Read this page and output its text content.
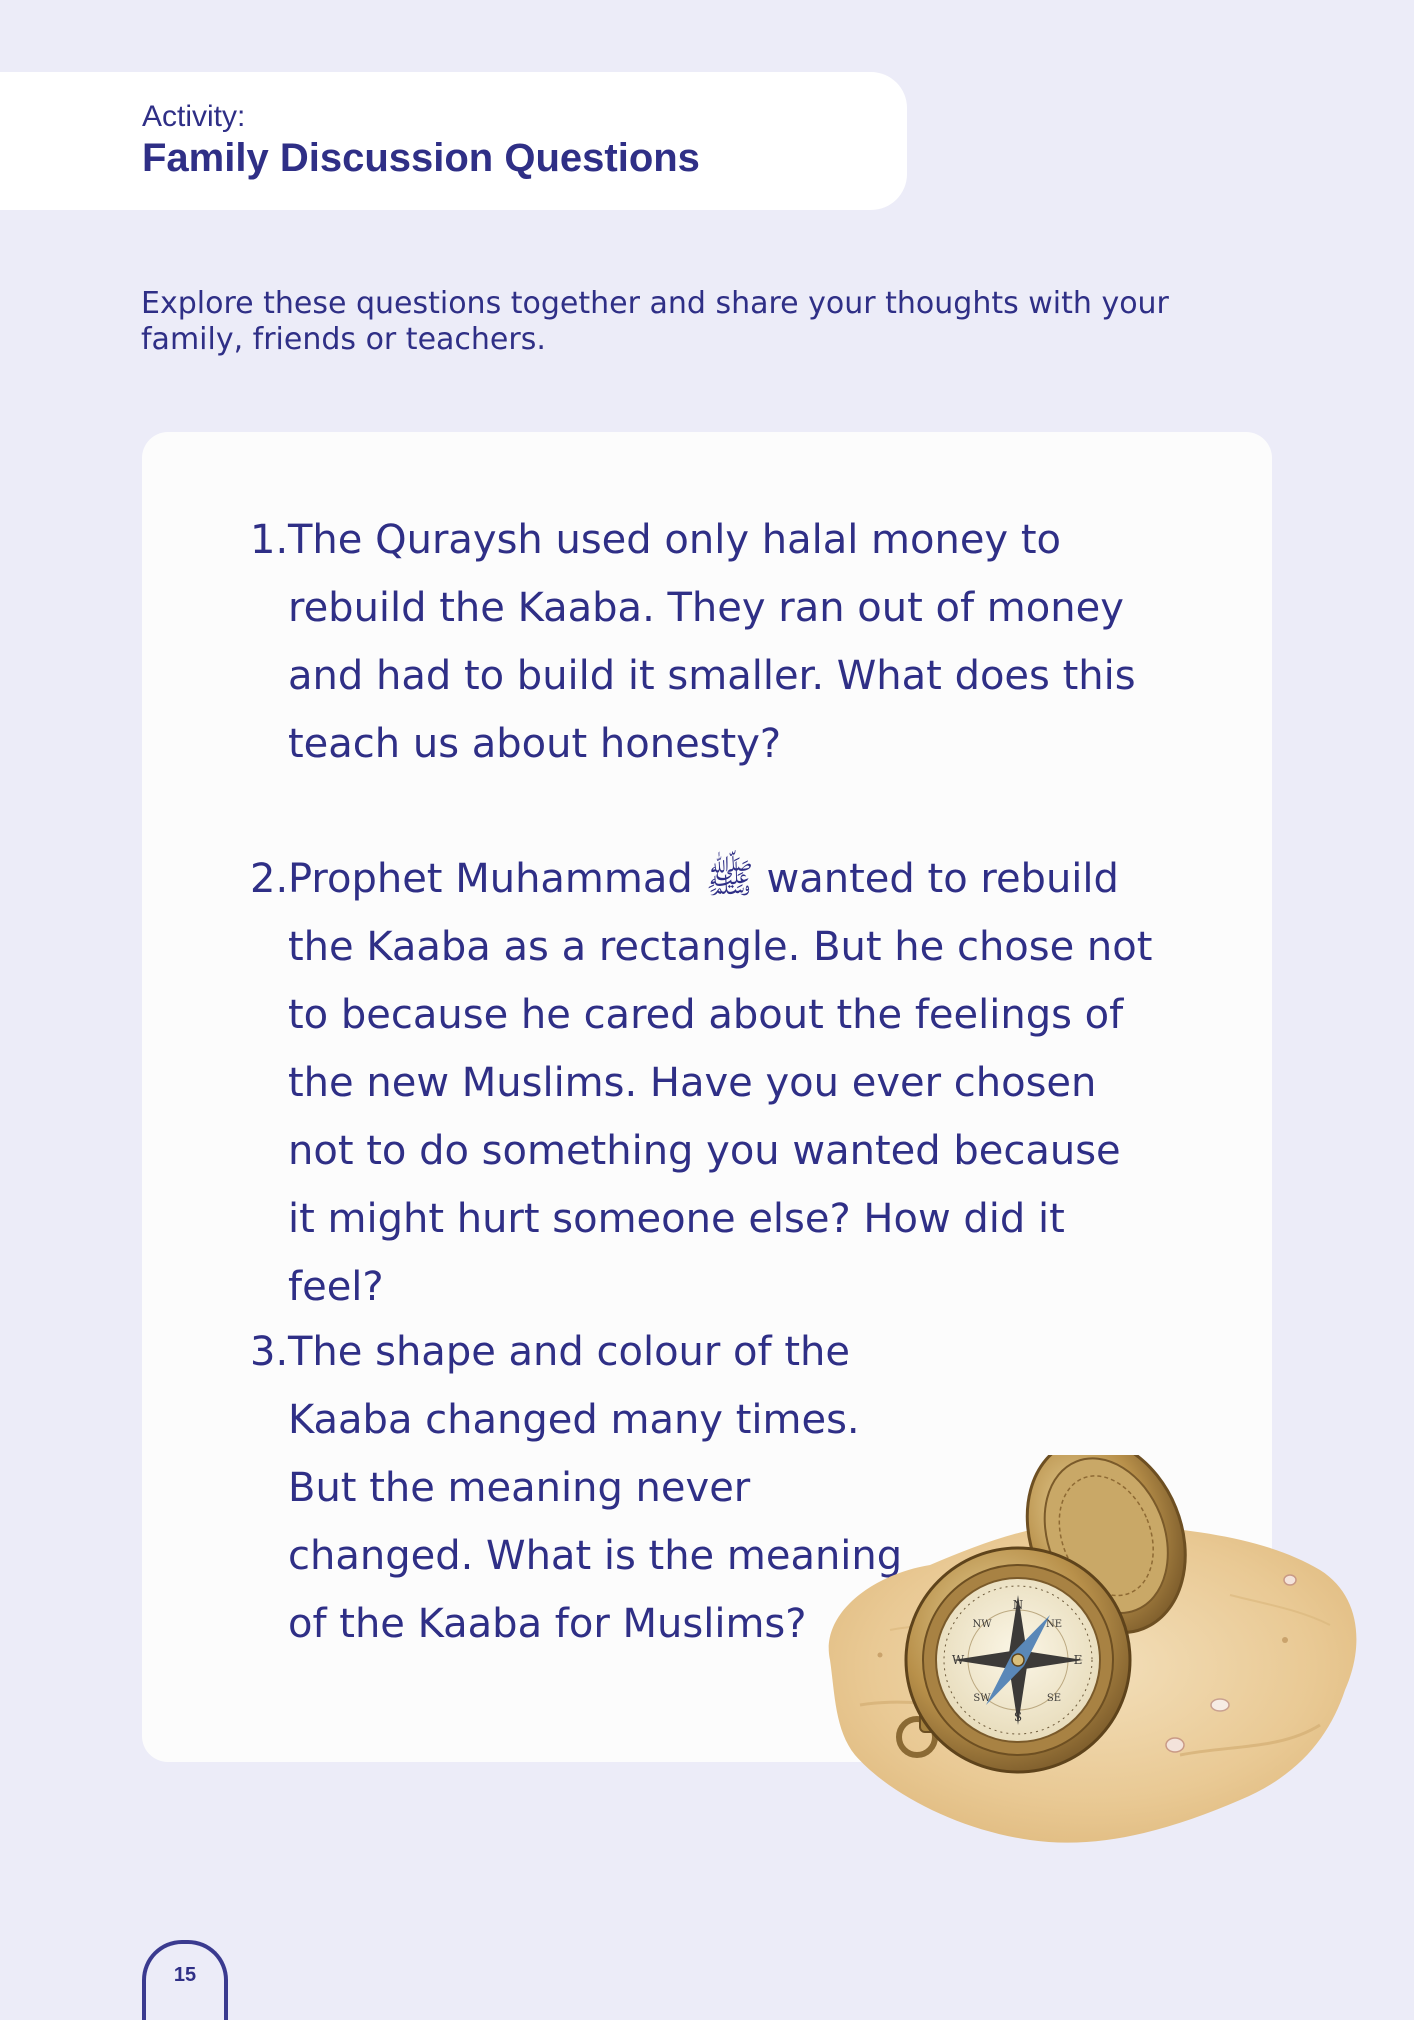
Activity:
Family Discussion Questions
Explore these questions together and share your thoughts with your family, friends or teachers.
1. The Quraysh used only halal money to rebuild the Kaaba. They ran out of money and had to build it smaller. What does this teach us about honesty?
2. Prophet Muhammad ﷺ wanted to rebuild the Kaaba as a rectangle. But he chose not to because he cared about the feelings of the new Muslims. Have you ever chosen not to do something you wanted because it might hurt someone else? How did it feel?
3. The shape and colour of the Kaaba changed many times. But the meaning never changed. What is the meaning of the Kaaba for Muslims?	N
S
E
W
NE
NW
SE
SW
15
